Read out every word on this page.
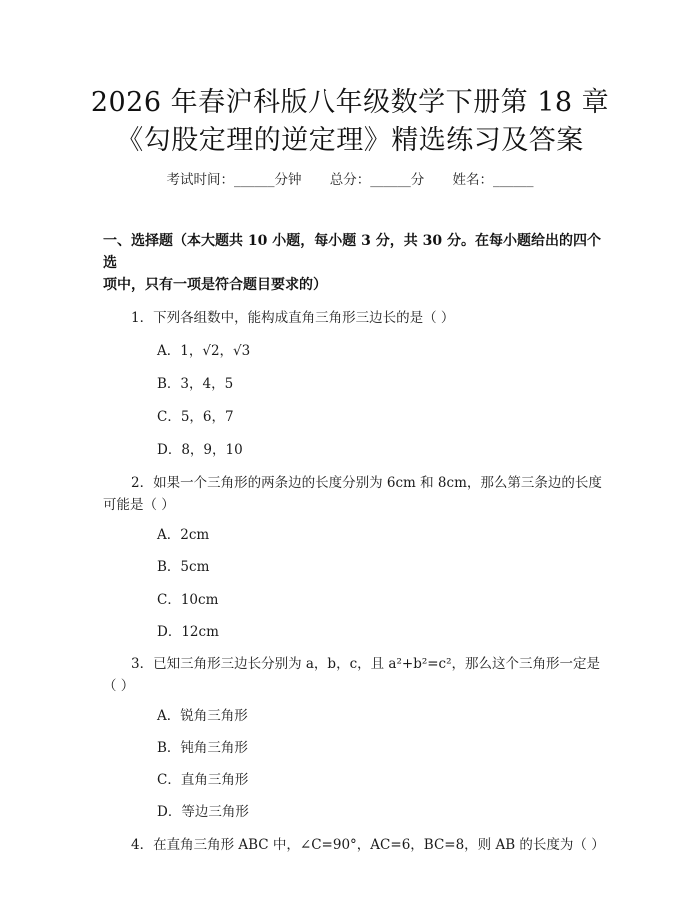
2026 年春沪科版八年级数学下册第 18 章
《勾股定理的逆定理》精选练习及答案
考试时间：______分钟 总分：______分 姓名：______
一、选择题（本大题共 10 小题，每小题 3 分，共 30 分。在每小题给出的四个选
项中，只有一项是符合题目要求的）
1．下列各组数中，能构成直角三角形三边长的是（ ）
A．1，√2，√3
B．3，4，5
C．5，6，7
D．8，9，10
2．如果一个三角形的两条边的长度分别为 6cm 和 8cm，那么第三条边的长度
可能是（ ）
A．2cm
B．5cm
C．10cm
D．12cm
3．已知三角形三边长分别为 a，b，c，且 a²+b²=c²，那么这个三角形一定是
（ ）
A．锐角三角形
B．钝角三角形
C．直角三角形
D．等边三角形
4．在直角三角形 ABC 中，∠C=90°，AC=6，BC=8，则 AB 的长度为（ ）
